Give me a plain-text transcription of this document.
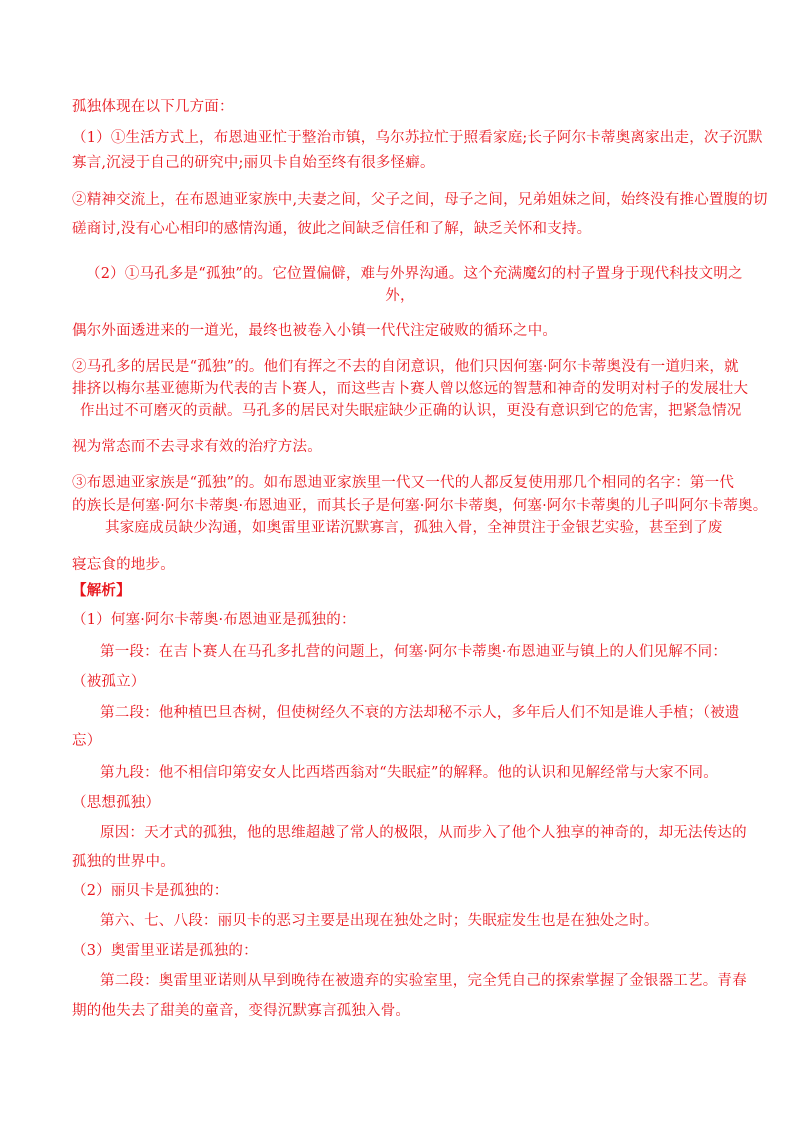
孤独体现在以下几方面：
（1）①生活方式上，布恩迪亚忙于整治市镇，乌尔苏拉忙于照看家庭;长子阿尔卡蒂奥离家出走，次子沉默
寡言,沉浸于自己的研究中;丽贝卡自始至终有很多怪癖。
②精神交流上，在布恩迪亚家族中,夫妻之间，父子之间，母子之间，兄弟姐妹之间，始终没有推心置腹的切
磋商讨,没有心心相印的感情沟通，彼此之间缺乏信任和了解，缺乏关怀和支持。
（2）①马孔多是“孤独”的。它位置偏僻，难与外界沟通。这个充满魔幻的村子置身于现代科技文明之
外，
偶尔外面透进来的一道光，最终也被卷入小镇一代代注定破败的循环之中。
②马孔多的居民是“孤独”的。他们有挥之不去的自闭意识，他们只因何塞·阿尔卡蒂奥没有一道归来，就
排挤以梅尔基亚德斯为代表的吉卜赛人，而这些吉卜赛人曾以悠远的智慧和神奇的发明对村子的发展壮大
作出过不可磨灭的贡献。马孔多的居民对失眠症缺少正确的认识，更没有意识到它的危害，把紧急情况
视为常态而不去寻求有效的治疗方法。
③布恩迪亚家族是“孤独”的。如布恩迪亚家族里一代又一代的人都反复使用那几个相同的名字：第一代
的族长是何塞·阿尔卡蒂奥·布恩迪亚，而其长子是何塞·阿尔卡蒂奥，何塞·阿尔卡蒂奥的儿子叫阿尔卡蒂奥。
其家庭成员缺少沟通，如奥雷里亚诺沉默寡言，孤独入骨，全神贯注于金银艺实验，甚至到了废
寝忘食的地步。
【解析】
（1）何塞·阿尔卡蒂奥·布恩迪亚是孤独的：
第一段：在吉卜赛人在马孔多扎营的问题上，何塞·阿尔卡蒂奥·布恩迪亚与镇上的人们见解不同：
（被孤立）
第二段：他种植巴旦杏树，但使树经久不衰的方法却秘不示人，多年后人们不知是谁人手植；（被遗
忘）
第九段：他不相信印第安女人比西塔西翁对“失眠症”的解释。他的认识和见解经常与大家不同。
（思想孤独）
原因：天才式的孤独，他的思维超越了常人的极限，从而步入了他个人独享的神奇的，却无法传达的
孤独的世界中。
（2）丽贝卡是孤独的：
第六、七、八段：丽贝卡的恶习主要是出现在独处之时；失眠症发生也是在独处之时。
（3）奥雷里亚诺是孤独的：
第二段：奥雷里亚诺则从早到晚待在被遗弃的实验室里，完全凭自己的探索掌握了金银器工艺。青春
期的他失去了甜美的童音，变得沉默寡言孤独入骨。
